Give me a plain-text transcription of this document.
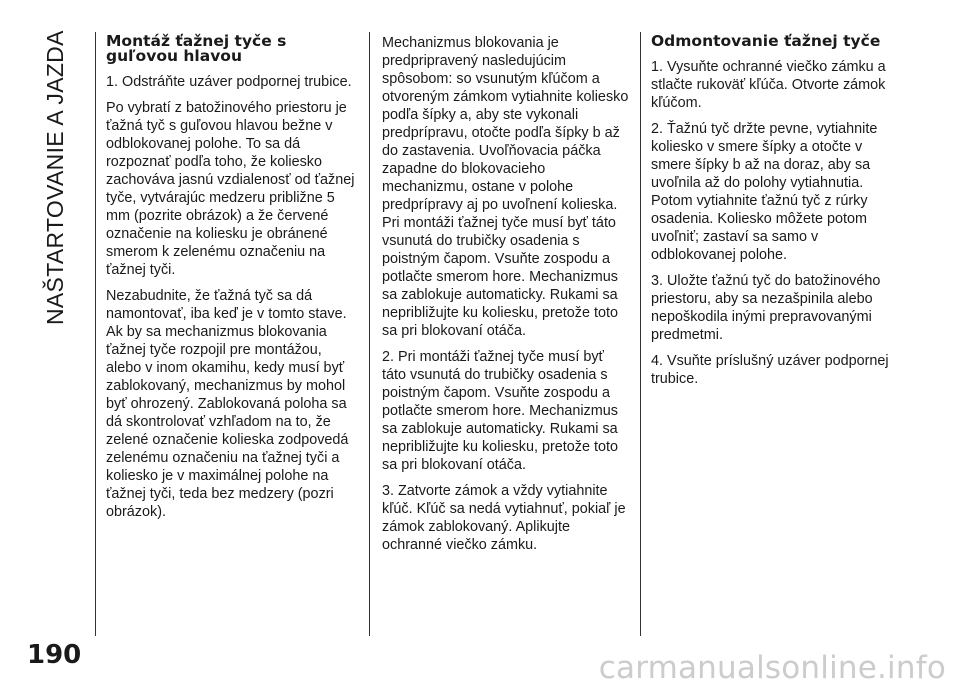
NAŠTARTOVANIE A JAZDA Montáž ťažnej tyče s guľovou hlavou

1. Odstráňte uzáver podpornej trubice.

Po vybratí z batožinového priestoru je ťažná tyč s guľovou hlavou bežne v odblokovanej polohe. To sa dá rozpoznať podľa toho, že koliesko zachováva jasnú vzdialenosť od ťažnej tyče, vytvárajúc medzeru približne 5 mm (pozrite obrázok) a že červené označenie na koliesku je obránené smerom k zelenému označeniu na ťažnej tyči.

Nezabudnite, že ťažná tyč sa dá namontovať, iba keď je v tomto stave. Ak by sa mechanizmus blokovania ťažnej tyče rozpojil pre montážou, alebo v inom okamihu, kedy musí byť zablokovaný, mechanizmus by mohol byť ohrozený. Zablokovaná poloha sa dá skontrolovať vzhľadom na to, že zelené označenie kolieska zodpovedá zelenému označeniu na ťažnej tyči a koliesko je v maximálnej polohe na ťažnej tyči, teda bez medzery (pozri obrázok).

Mechanizmus blokovania je predpripravený nasledujúcim spôsobom: so vsunutým kľúčom a otvoreným zámkom vytiahnite koliesko podľa šípky a, aby ste vykonali predprípravu, otočte podľa šípky b až do zastavenia. Uvoľňovacia páčka zapadne do blokovacieho mechanizmu, ostane v polohe predprípravy aj po uvoľnení kolieska. Pri montáži ťažnej tyče musí byť táto vsunutá do trubičky osadenia s poistným čapom. Vsuňte zospodu a potlačte smerom hore. Mechanizmus sa zablokuje automaticky. Rukami sa nepribližujte ku koliesku, pretože toto sa pri blokovaní otáča.

2. Pri montáži ťažnej tyče musí byť táto vsunutá do trubičky osadenia s poistným čapom. Vsuňte zospodu a potlačte smerom hore. Mechanizmus sa zablokuje automaticky. Rukami sa nepribližujte ku koliesku, pretože toto sa pri blokovaní otáča.

3. Zatvorte zámok a vždy vytiahnite kľúč. Kľúč sa nedá vytiahnuť, pokiaľ je zámok zablokovaný. Aplikujte ochranné viečko zámku.

Odmontovanie ťažnej tyče

1. Vysuňte ochranné viečko zámku a stlačte rukoväť kľúča. Otvorte zámok kľúčom.

2. Ťažnú tyč držte pevne, vytiahnite koliesko v smere šípky a otočte v smere šípky b až na doraz, aby sa uvoľnila až do polohy vytiahnutia. Potom vytiahnite ťažnú tyč z rúrky osadenia. Koliesko môžete potom uvoľniť; zastaví sa samo v odblokovanej polohe.

3. Uložte ťažnú tyč do batožinového priestoru, aby sa nezašpinila alebo nepoškodila inými prepravovanými predmetmi.

4. Vsuňte príslušný uzáver podpornej trubice.

190	carmanualsonline.info
